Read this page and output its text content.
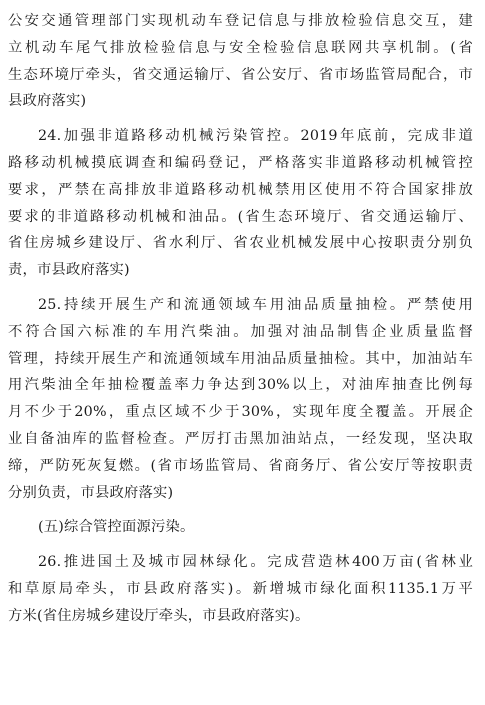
公安交通管理部门实现机动车登记信息与排放检验信息交互，建
立机动车尾气排放检验信息与安全检验信息联网共享机制。(省
生态环境厅牵头，省交通运输厅、省公安厅、省市场监管局配合，市
县政府落实)
24.加强非道路移动机械污染管控。2019年底前，完成非道
路移动机械摸底调查和编码登记，严格落实非道路移动机械管控
要求，严禁在高排放非道路移动机械禁用区使用不符合国家排放
要求的非道路移动机械和油品。(省生态环境厅、省交通运输厅、
省住房城乡建设厅、省水利厅、省农业机械发展中心按职责分别负
责，市县政府落实)
25.持续开展生产和流通领域车用油品质量抽检。严禁使用
不符合国六标准的车用汽柴油。加强对油品制售企业质量监督
管理，持续开展生产和流通领域车用油品质量抽检。其中，加油站车
用汽柴油全年抽检覆盖率力争达到30%以上，对油库抽查比例每
月不少于20%，重点区域不少于30%，实现年度全覆盖。开展企
业自备油库的监督检查。严厉打击黑加油站点，一经发现，坚决取
缔，严防死灰复燃。(省市场监管局、省商务厅、省公安厅等按职责
分别负责，市县政府落实)
(五)综合管控面源污染。
26.推进国土及城市园林绿化。完成营造林400万亩(省林业
和草原局牵头，市县政府落实)。新增城市绿化面积1135.1万平
方米(省住房城乡建设厅牵头，市县政府落实)。
